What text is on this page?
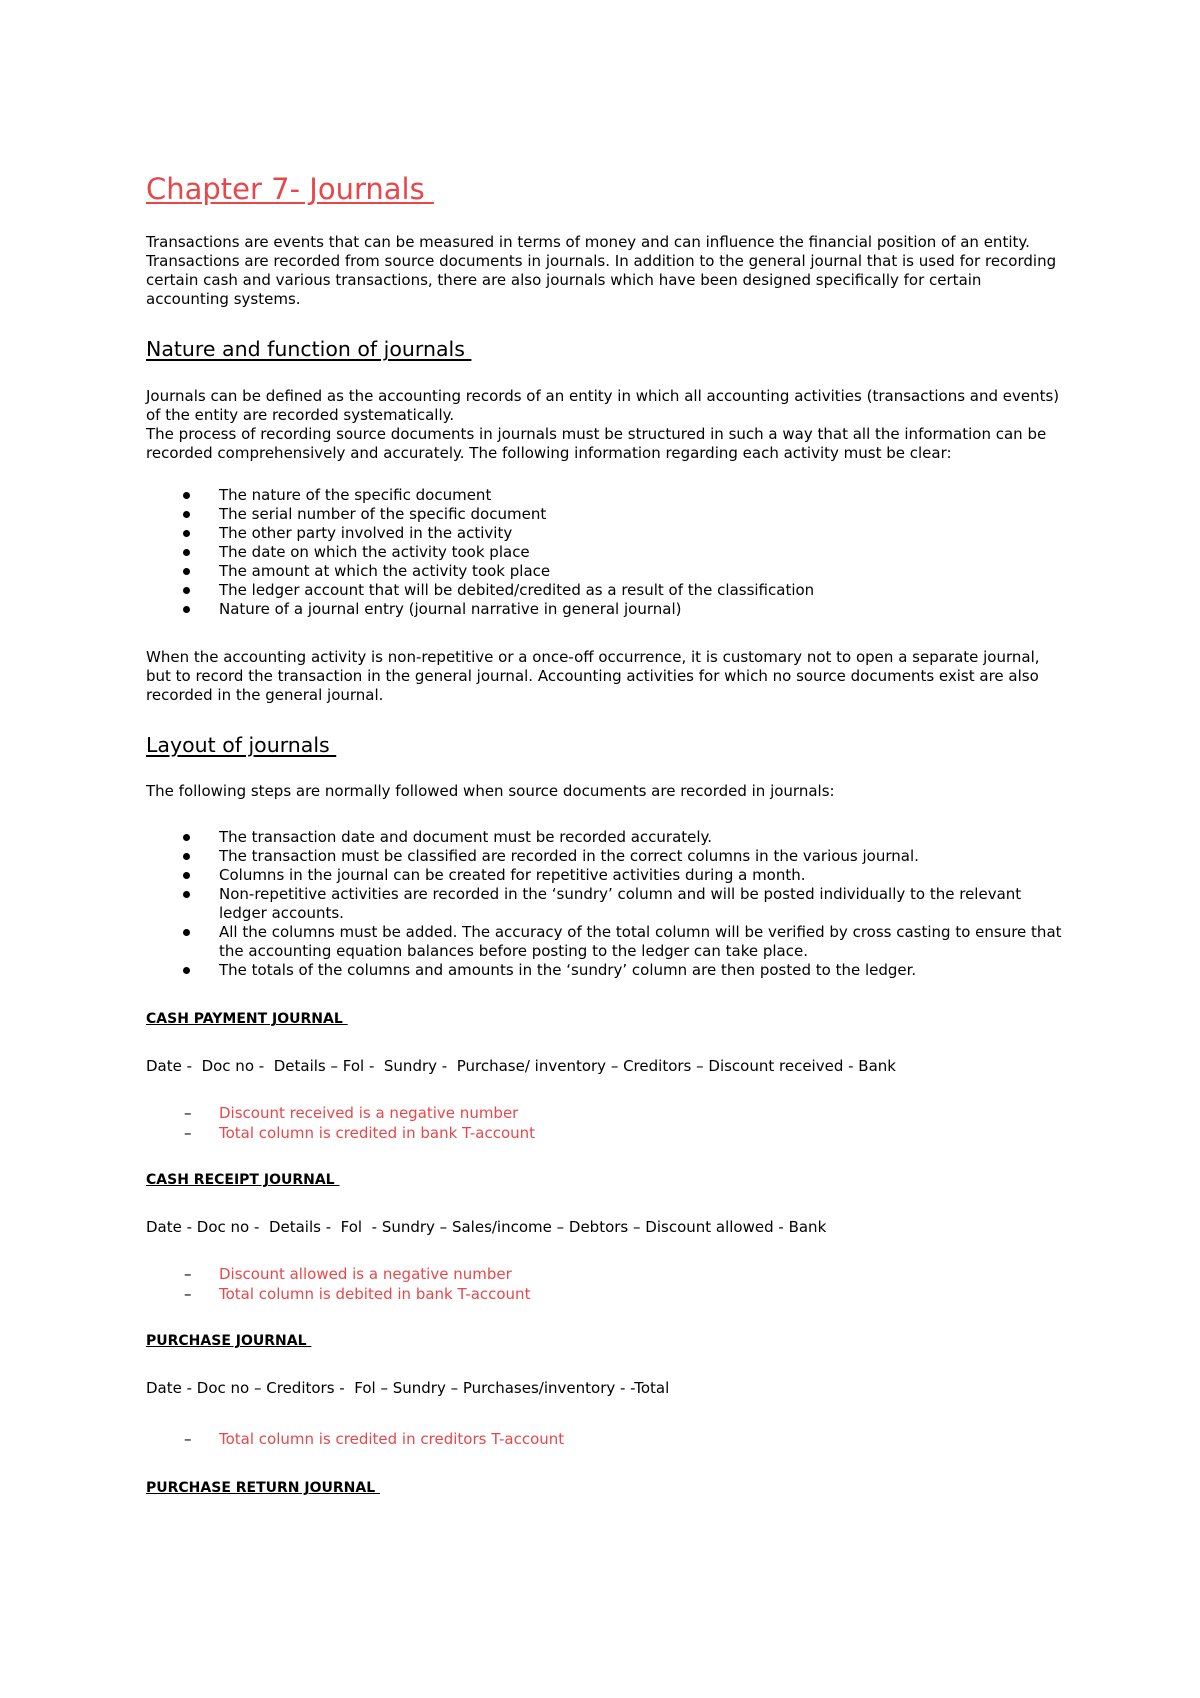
Chapter 7- Journals

Transactions are events that can be measured in terms of money and can influence the financial position of an entity. Transactions are recorded from source documents in journals. In addition to the general journal that is used for recording certain cash and various transactions, there are also journals which have been designed specifically for certain accounting systems.

Nature and function of journals

Journals can be defined as the accounting records of an entity in which all accounting activities (transactions and events) of the entity are recorded systematically.

The process of recording source documents in journals must be structured in such a way that all the information can be recorded comprehensively and accurately. The following information regarding each activity must be clear:

The nature of the specific document
The serial number of the specific document
The other party involved in the activity
The date on which the activity took place
The amount at which the activity took place
The ledger account that will be debited/credited as a result of the classification
Nature of a journal entry (journal narrative in general journal)

When the accounting activity is non-repetitive or a once-off occurrence, it is customary not to open a separate journal, but to record the transaction in the general journal. Accounting activities for which no source documents exist are also recorded in the general journal.

Layout of journals

The following steps are normally followed when source documents are recorded in journals:

The transaction date and document must be recorded accurately.
The transaction must be classified are recorded in the correct columns in the various journal.
Columns in the journal can be created for repetitive activities during a month.
Non-repetitive activities are recorded in the ‘sundry’ column and will be posted individually to the relevant ledger accounts.
All the columns must be added. The accuracy of the total column will be verified by cross casting to ensure that the accounting equation balances before posting to the ledger can take place.
The totals of the columns and amounts in the ‘sundry’ column are then posted to the ledger.
CASH PAYMENT JOURNAL
Date -  Doc no -  Details – Fol -  Sundry -  Purchase/ inventory – Creditors – Discount received - Bank
– Discount received is a negative number
– Total column is credited in bank T-account
CASH RECEIPT JOURNAL
Date - Doc no -  Details -  Fol  - Sundry – Sales/income – Debtors – Discount allowed - Bank
– Discount allowed is a negative number
– Total column is debited in bank T-account
PURCHASE JOURNAL
Date - Doc no – Creditors -  Fol – Sundry – Purchases/inventory - -Total
– Total column is credited in creditors T-account
PURCHASE RETURN JOURNAL
